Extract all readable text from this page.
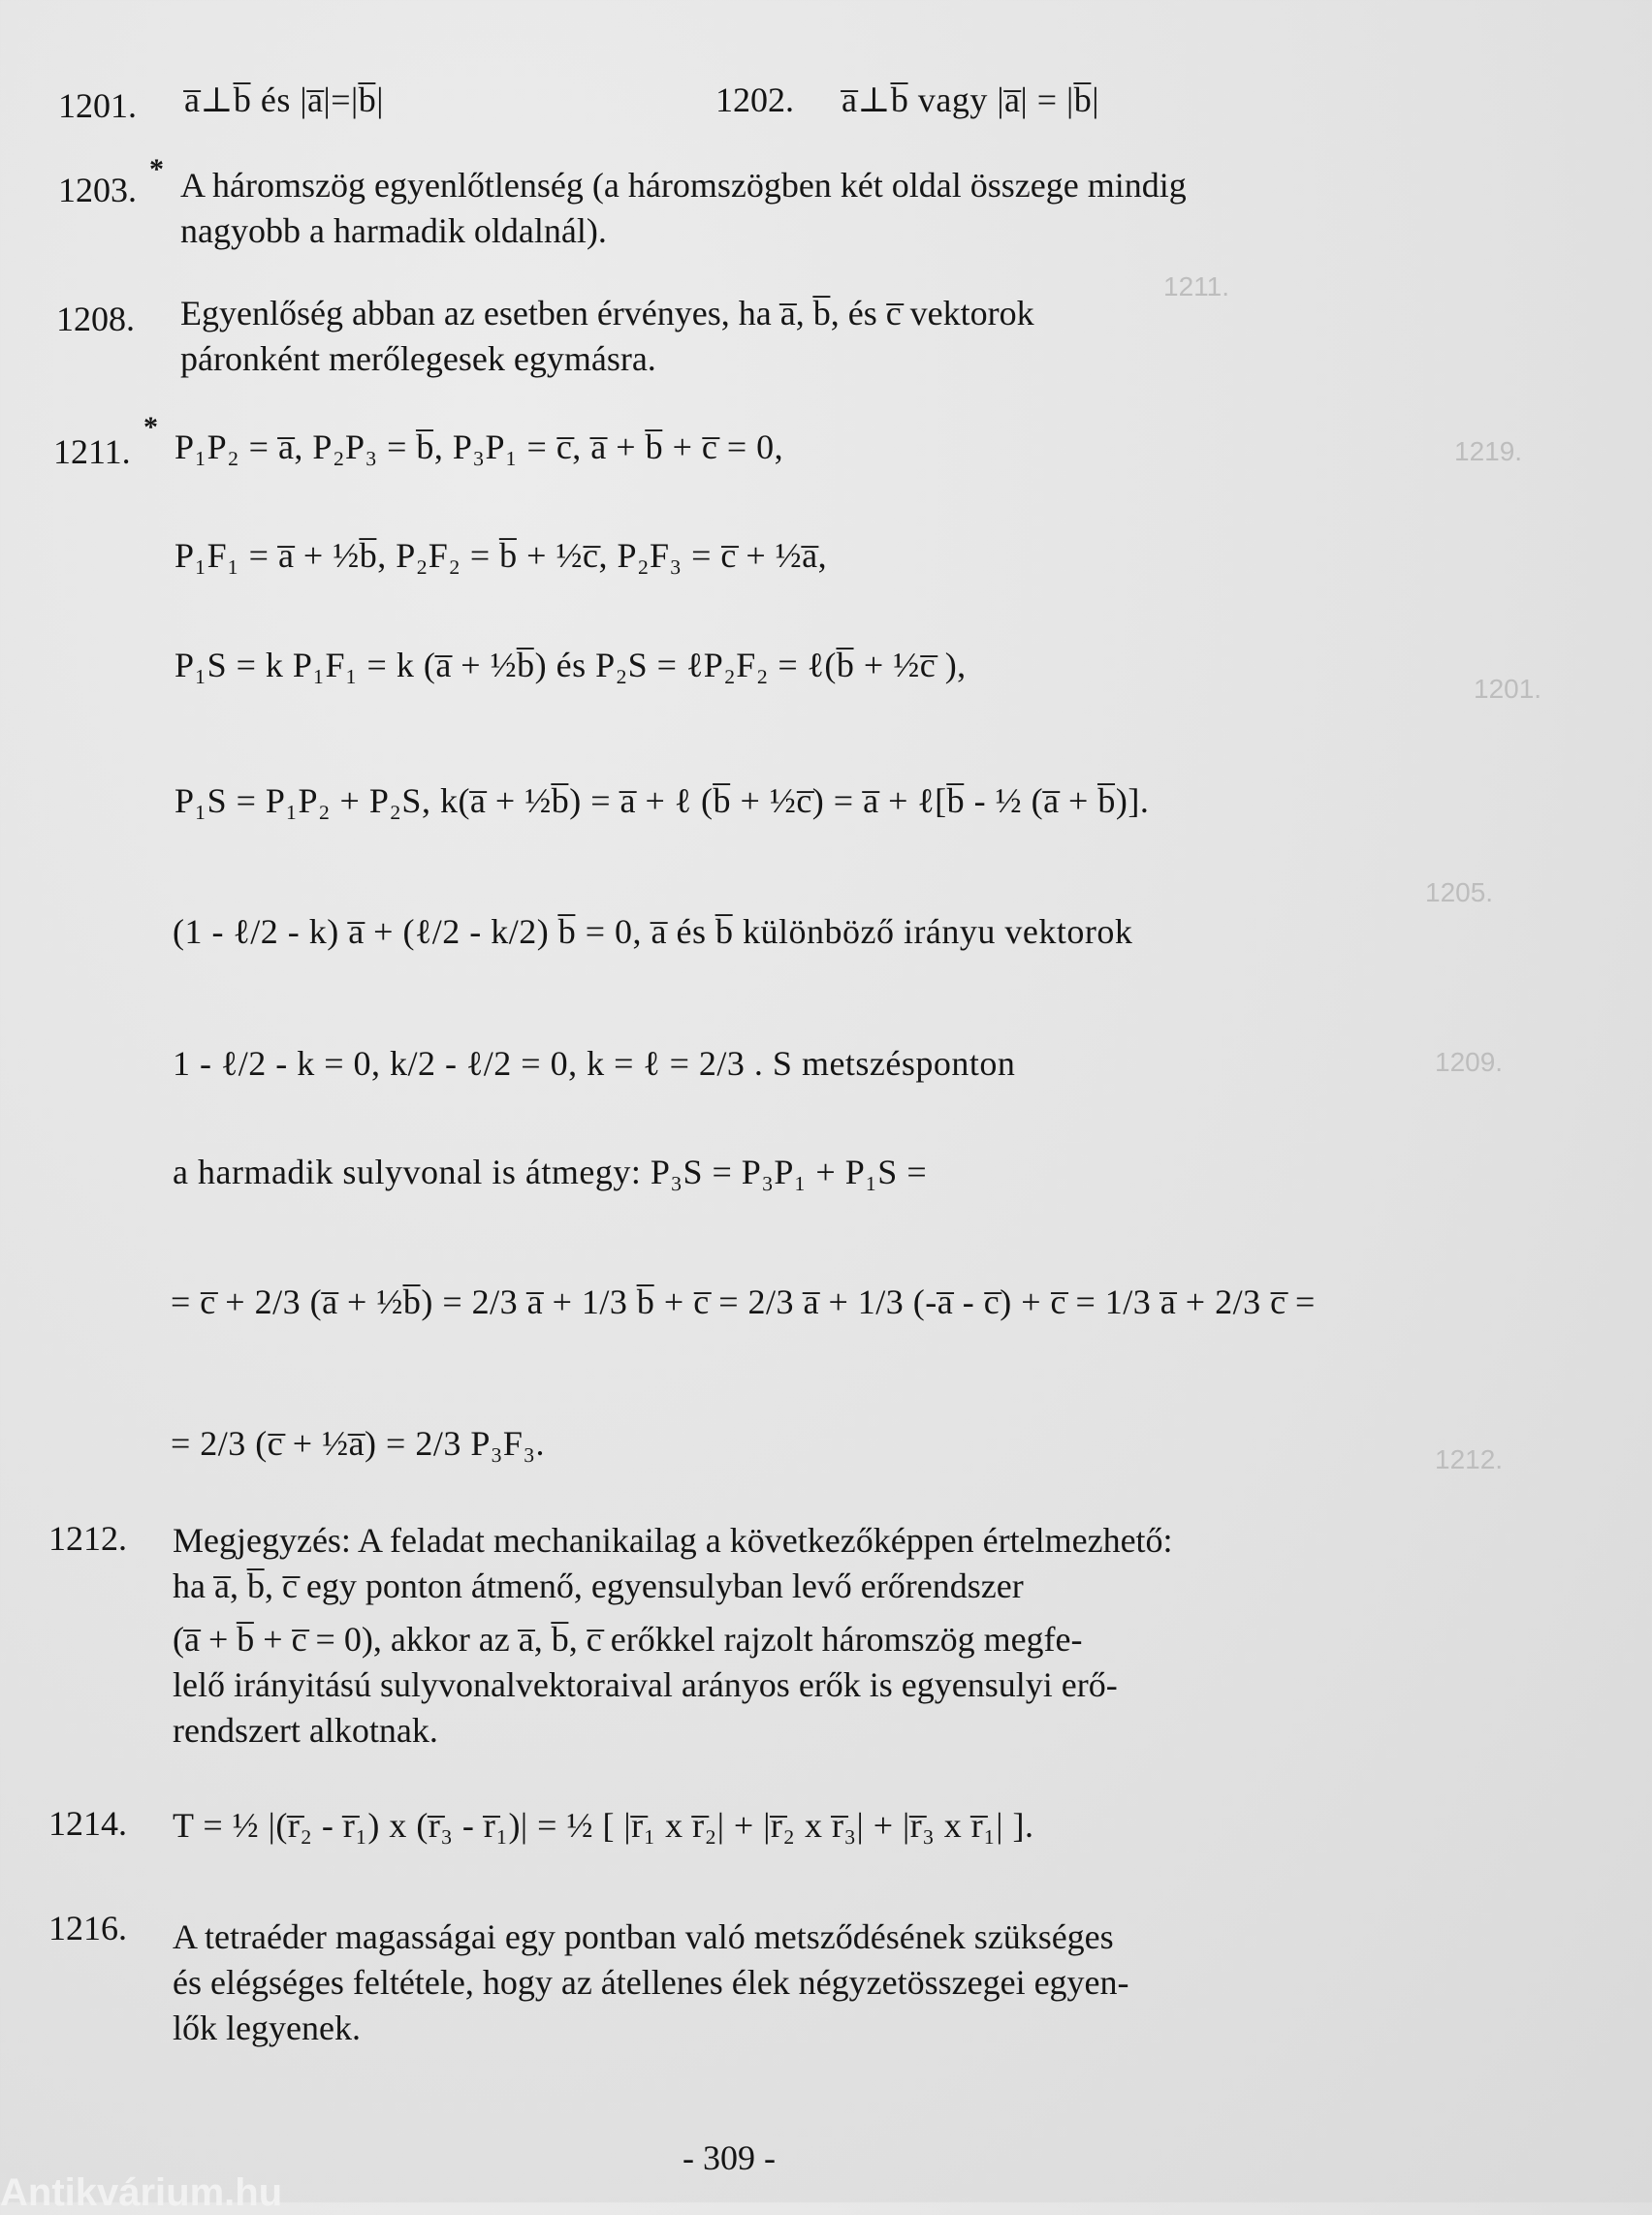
1211.
1219.
1201.
1205.
1209.
1212.
1201. a̅⊥b̅ és |a̅|=|b̅|	1202. a̅⊥b̅ vagy |a̅| = |b̅|
1203.
* A háromszög egyenlőtlenség (a háromszögben két oldal összege mindig
nagyobb a harmadik oldalnál).
1208. Egyenlőség abban az esetben érvényes, ha a̅, b̅, és c̅ vektorok
páronként merőlegesek egymásra.
1211.
*
P₁P₂ = a̅, P₂P₃ = b̅, P₃P₁ = c̅, a̅ + b̅ + c̅ = 0,
P₁F₁ = a̅ + ½b̅, P₂F₂ = b̅ + ½c̅, P₂F₃ = c̅ + ½a̅,
P₁S = k P₁F₁ = k (a̅ + ½b̅) és P₂S = ℓP₂F₂ = ℓ(b̅ + ½c̅ ),
P₁S = P₁P₂ + P₂S, k(a̅ + ½b̅) = a̅ + ℓ (b̅ + ½c̅) = a̅ + ℓ[b̅ - ½ (a̅ + b̅)].
(1 - ℓ/2 - k) a̅ + (ℓ/2 - k/2) b̅ = 0, a̅ és b̅ különböző irányu vektorok
1 - ℓ/2 - k = 0, k/2 - ℓ/2 = 0, k = ℓ = 2/3 . S metszésponton
a harmadik sulyvonal is átmegy: P₃S = P₃P₁ + P₁S =
= c̅ + 2/3 (a̅ + ½b̅) = 2/3 a̅ + 1/3 b̅ + c̅ = 2/3 a̅ + 1/3 (-a̅ - c̅) + c̅ = 1/3 a̅ + 2/3 c̅ =
= 2/3 (c̅ + ½a̅) = 2/3 P₃F₃.
1212. Megjegyzés: A feladat mechanikailag a következőképpen értelmezhető:
ha a̅, b̅, c̅ egy ponton átmenő, egyensulyban levő erőrendszer
(a̅ + b̅ + c̅ = 0), akkor az a̅, b̅, c̅ erőkkel rajzolt háromszög megfe-
lelő irányitású sulyvonalvektoraival arányos erők is egyensulyi erő-
rendszert alkotnak.
1214. T = ½ |(r̅₂ - r̅₁) x (r̅₃ - r̅₁)| = ½ [ |r̅₁ x r̅₂| + |r̅₂ x r̅₃| + |r̅₃ x r̅₁| ].
1216. A tetraéder magasságai egy pontban való metsződésének szükséges
és elégséges feltétele, hogy az átellenes élek négyzetösszegei egyen-
lők legyenek.
- 309 -
Antikvárium.hu
